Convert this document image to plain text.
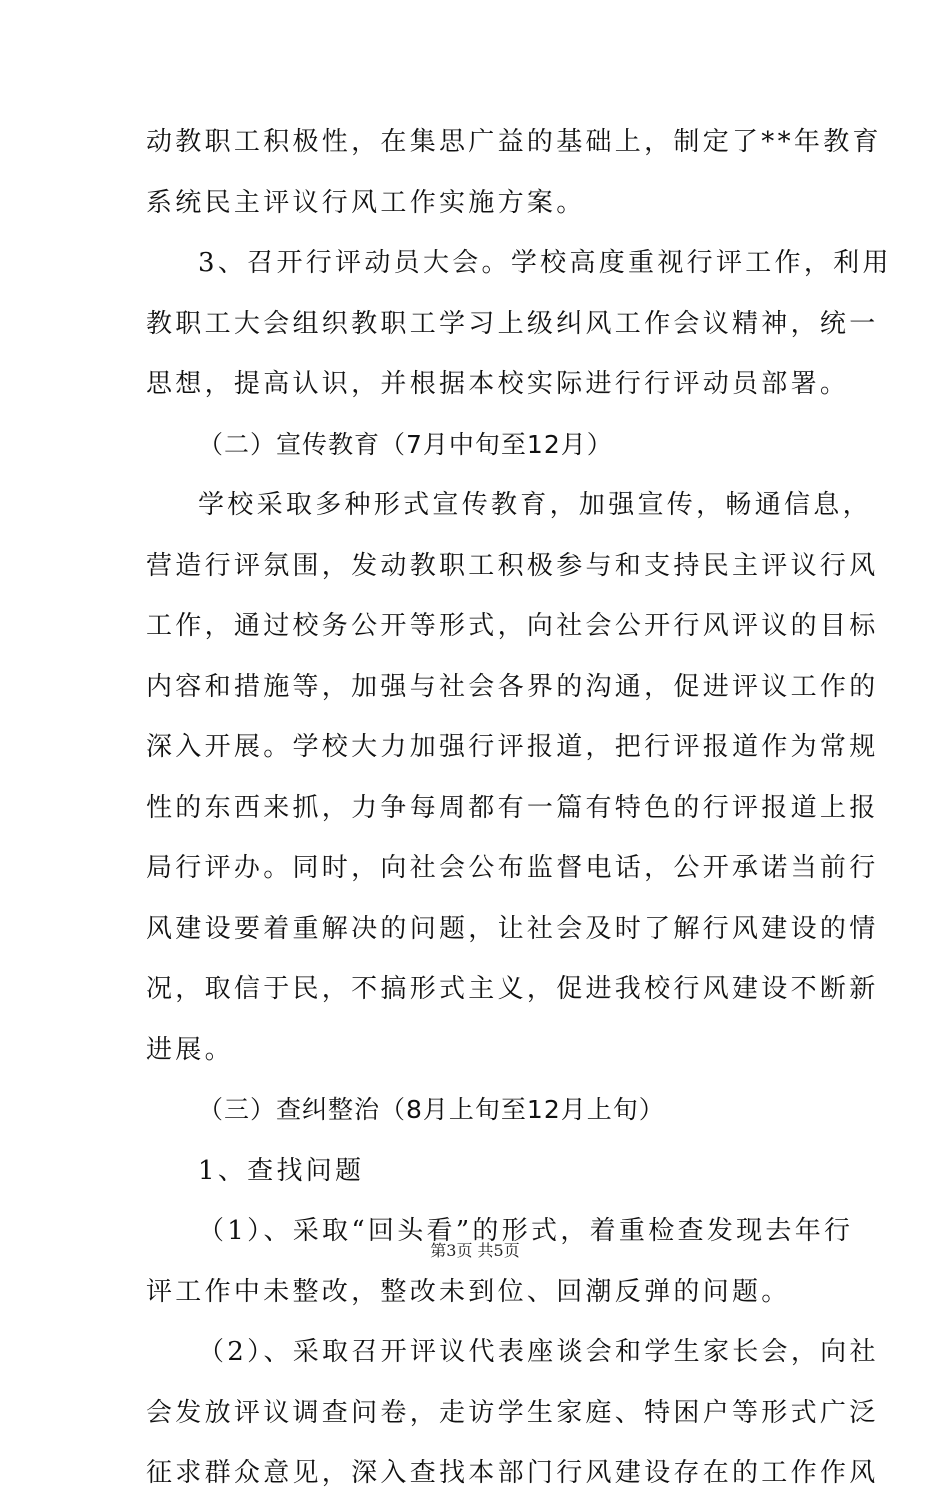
动教职工积极性，在集思广益的基础上，制定了**年教育
系统民主评议行风工作实施方案。
3、召开行评动员大会。学校高度重视行评工作，利用
教职工大会组织教职工学习上级纠风工作会议精神，统一
思想，提高认识，并根据本校实际进行行评动员部署。
（二）宣传教育（7月中旬至12月）
学校采取多种形式宣传教育，加强宣传，畅通信息，
营造行评氛围，发动教职工积极参与和支持民主评议行风
工作，通过校务公开等形式，向社会公开行风评议的目标
内容和措施等，加强与社会各界的沟通，促进评议工作的
深入开展。学校大力加强行评报道，把行评报道作为常规
性的东西来抓，力争每周都有一篇有特色的行评报道上报
局行评办。同时，向社会公布监督电话，公开承诺当前行
风建设要着重解决的问题，让社会及时了解行风建设的情
况，取信于民，不搞形式主义，促进我校行风建设不断新
进展。
（三）查纠整治（8月上旬至12月上旬）
1、查找问题
（1）、采取“回头看”的形式，着重检查发现去年行
评工作中未整改，整改未到位、回潮反弹的问题。
（2）、采取召开评议代表座谈会和学生家长会，向社
会发放评议调查问卷，走访学生家庭、特困户等形式广泛
征求群众意见，深入查找本部门行风建设存在的工作作风
第3页 共5页
